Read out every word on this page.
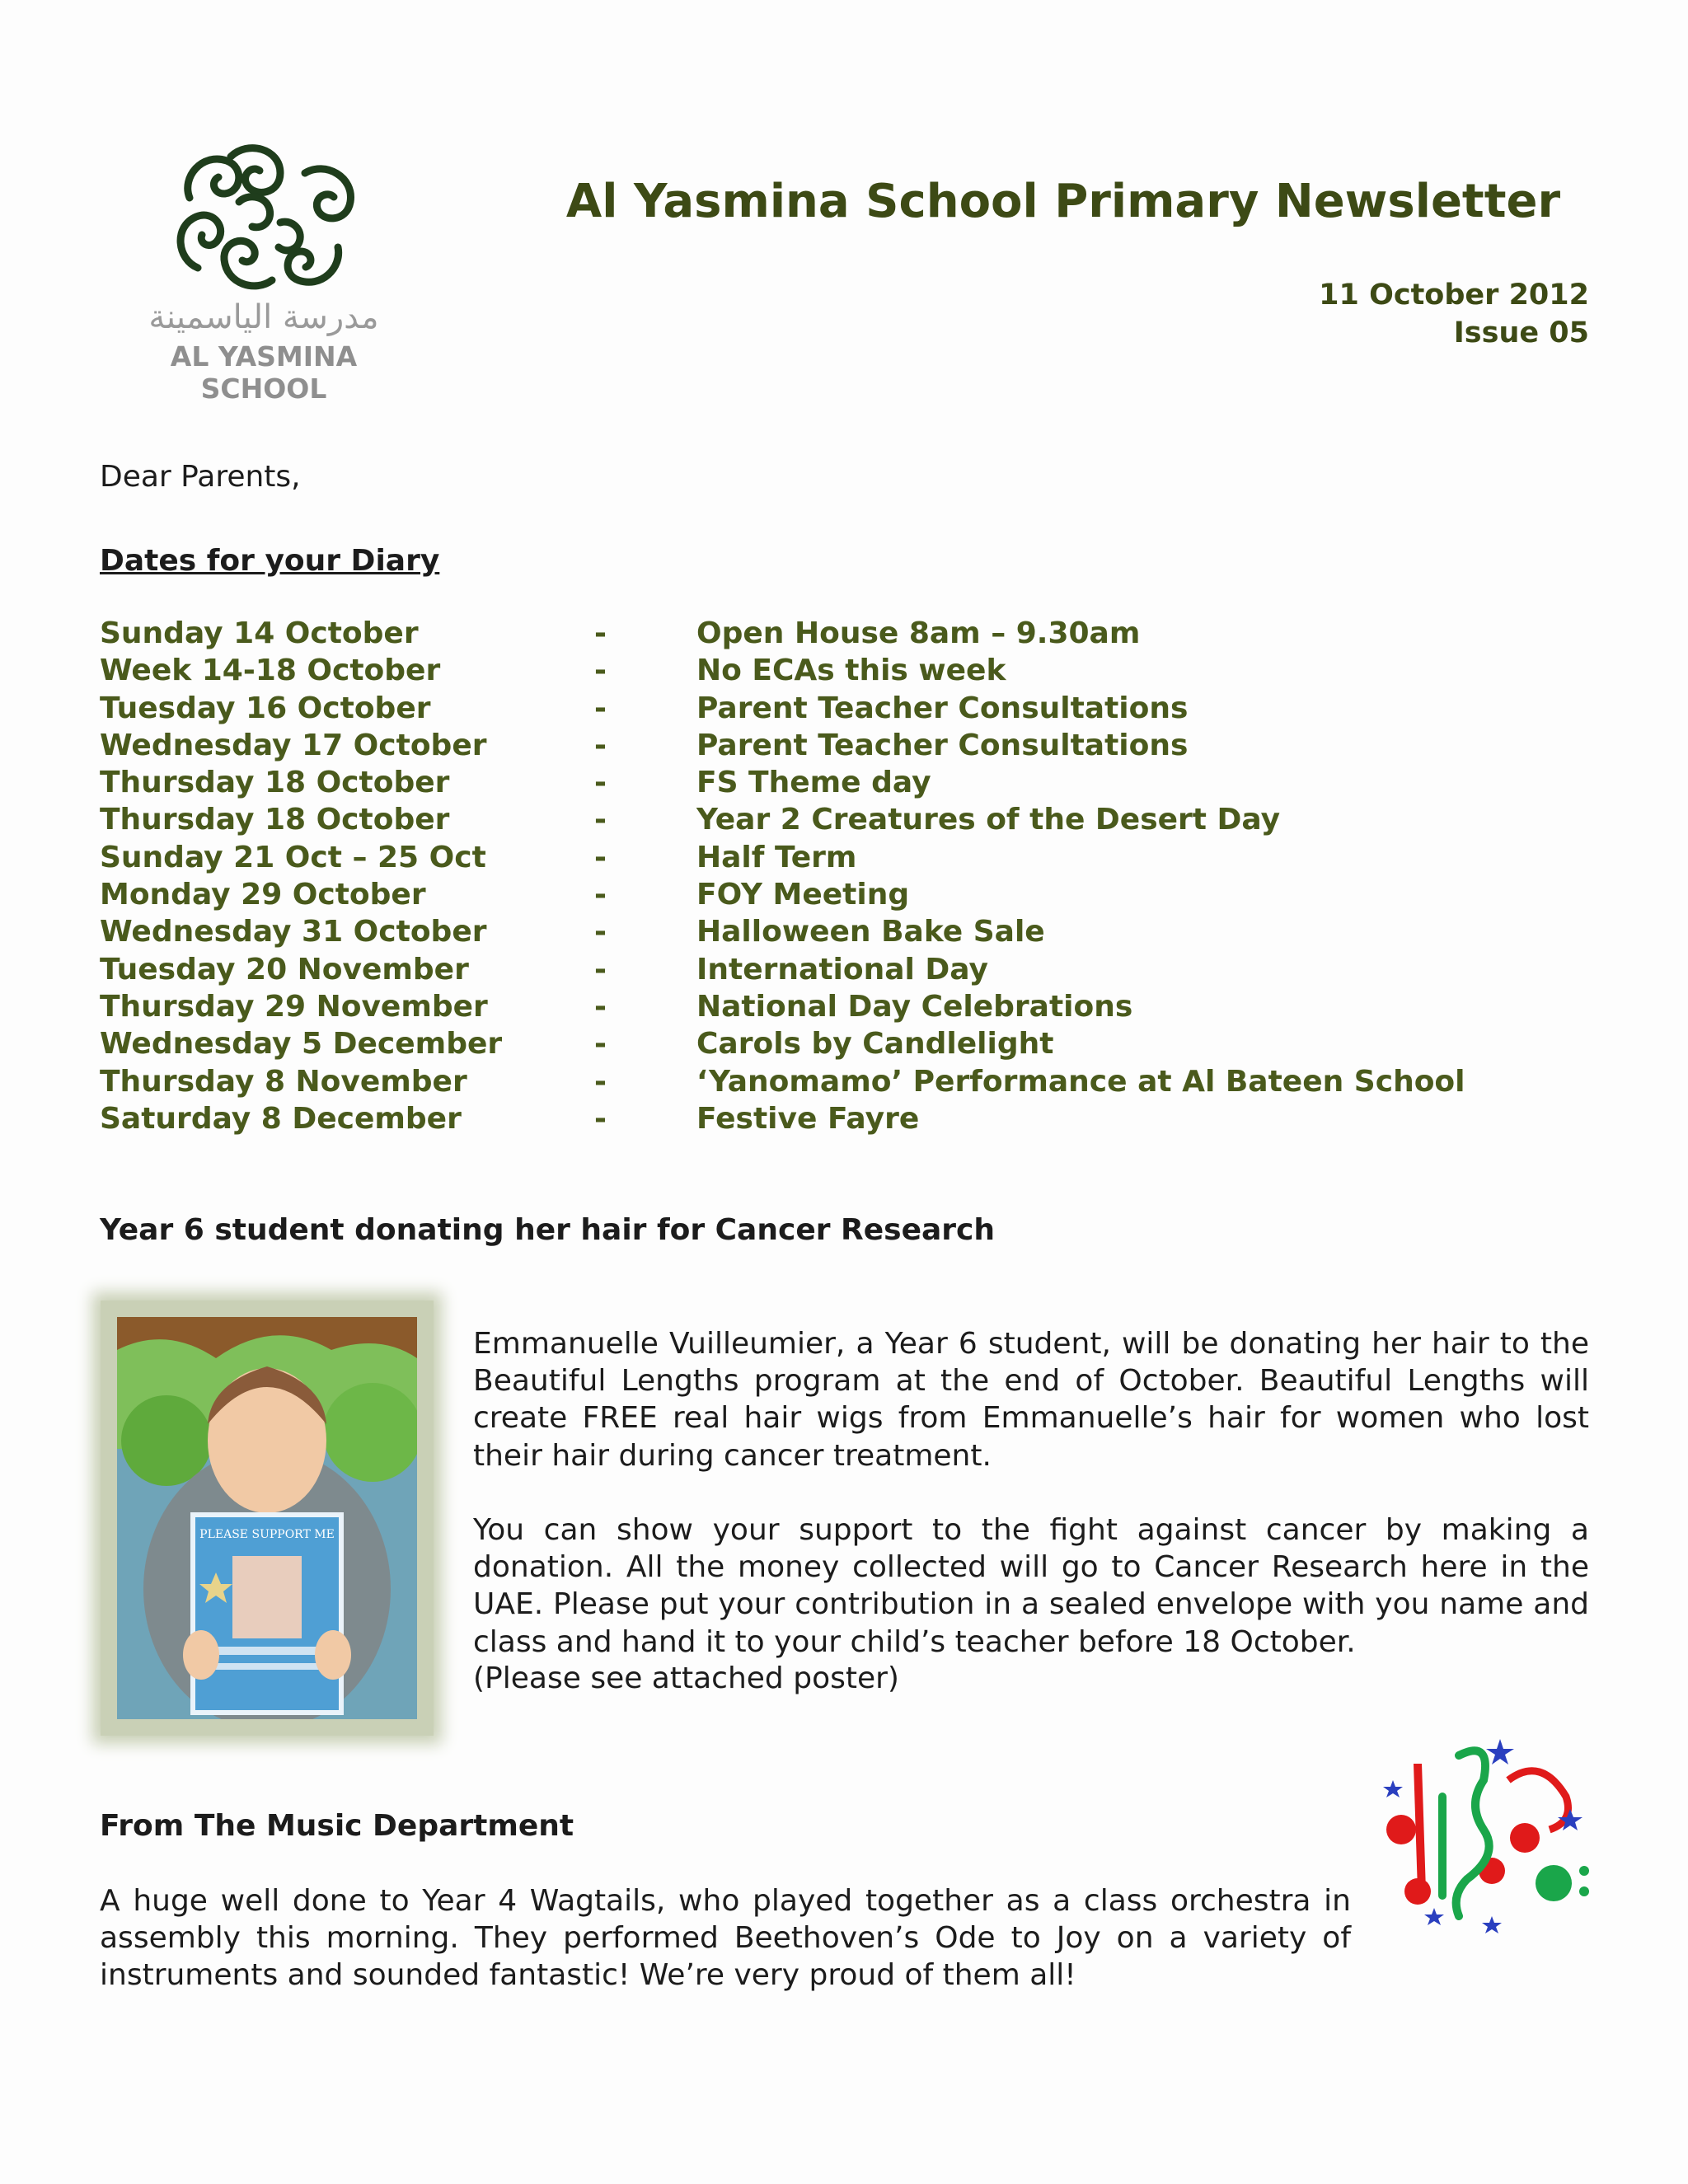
مدرسة الياسمينة
AL YASMINA SCHOOL
Al Yasmina School Primary Newsletter
11 October 2012
Issue 05
Dear Parents,
Dates for your Diary
Sunday 14 October	-	Open House 8am – 9.30am
Week 14-18 October	-	No ECAs this week
Tuesday 16 October	-	Parent Teacher Consultations
Wednesday 17 October	-	Parent Teacher Consultations
Thursday 18 October	-	FS Theme day
Thursday 18 October	-	Year 2 Creatures of the Desert Day
Sunday 21 Oct – 25 Oct	-	Half Term
Monday 29 October	-	FOY Meeting
Wednesday 31 October	-	Halloween Bake Sale
Tuesday 20 November	-	International Day
Thursday 29 November	-	National Day Celebrations
Wednesday 5 December	-	Carols by Candlelight
Thursday 8 November	-	‘Yanomamo’ Performance at Al Bateen School
Saturday 8 December	-	Festive Fayre
Year 6 student donating her hair for Cancer Research
PLEASE SUPPORT ME
Emmanuelle Vuilleumier, a Year 6 student, will be donating her hair to the Beautiful Lengths program at the end of October. Beautiful Lengths will create FREE real hair wigs from Emmanuelle’s hair for women who lost their hair during cancer treatment.
You can show your support to the fight against cancer by making a donation. All the money collected will go to Cancer Research here in the UAE. Please put your contribution in a sealed envelope with you name and class and hand it to your child’s teacher before 18 October.
(Please see attached poster)
From The Music Department
A huge well done to Year 4 Wagtails, who played together as a class orchestra in assembly this morning. They performed Beethoven’s Ode to Joy on a variety of instruments and sounded fantastic! We’re very proud of them all!
